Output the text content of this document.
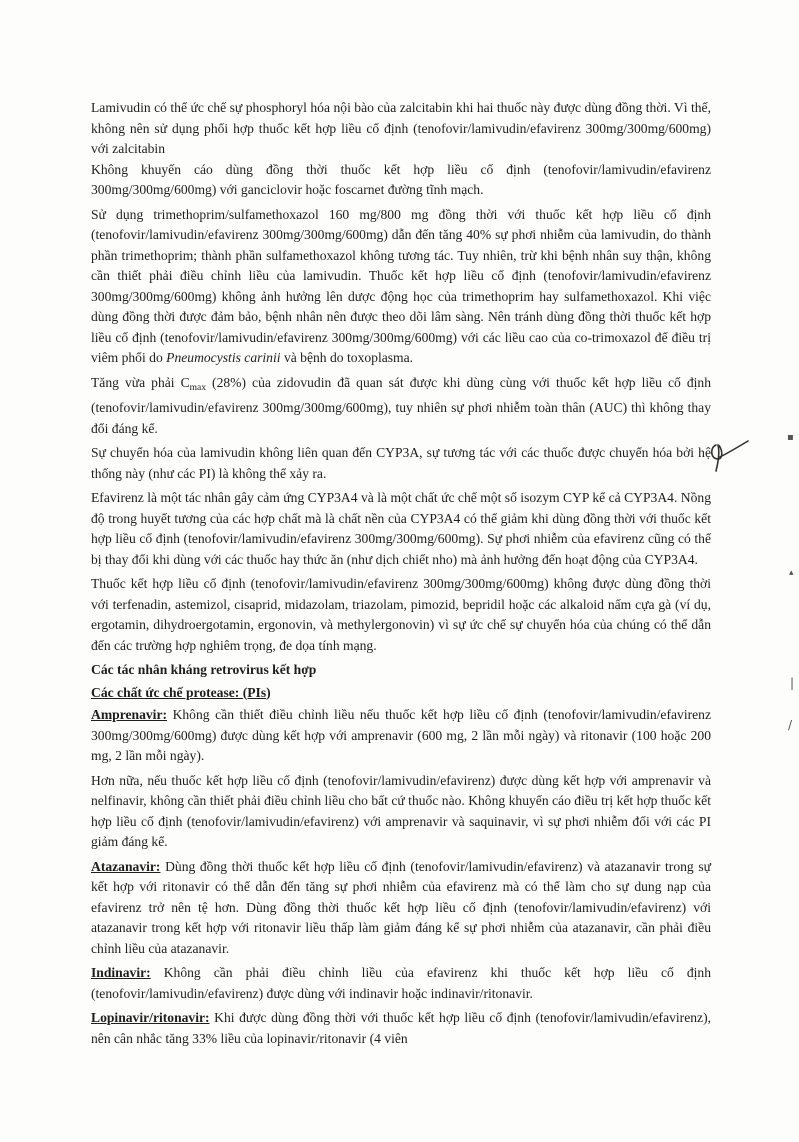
Lamivudin có thể ức chế sự phosphoryl hóa nội bào của zalcitabin khi hai thuốc này được dùng đồng thời. Vì thế, không nên sử dụng phối hợp thuốc kết hợp liều cố định (tenofovir/lamivudin/efavirenz 300mg/300mg/600mg) với zalcitabin

Không khuyến cáo dùng đồng thời thuốc kết hợp liều cố định (tenofovir/lamivudin/efavirenz 300mg/300mg/600mg) với ganciclovir hoặc foscarnet đường tĩnh mạch.

Sử dụng trimethoprim/sulfamethoxazol 160 mg/800 mg đồng thời với thuốc kết hợp liều cố định (tenofovir/lamivudin/efavirenz 300mg/300mg/600mg) dẫn đến tăng 40% sự phơi nhiễm của lamivudin, do thành phần trimethoprim; thành phần sulfamethoxazol không tương tác. Tuy nhiên, trừ khi bệnh nhân suy thận, không cần thiết phải điều chỉnh liều của lamivudin. Thuốc kết hợp liều cố định (tenofovir/lamivudin/efavirenz 300mg/300mg/600mg) không ảnh hưởng lên dược động học của trimethoprim hay sulfamethoxazol. Khi việc dùng đồng thời được đảm bảo, bệnh nhân nên được theo dõi lâm sàng. Nên tránh dùng đồng thời thuốc kết hợp liều cố định (tenofovir/lamivudin/efavirenz 300mg/300mg/600mg) với các liều cao của co-trimoxazol để điều trị viêm phổi do Pneumocystis carinii và bệnh do toxoplasma.

Tăng vừa phải $C_{max}$ (28%) của zidovudin đã quan sát được khi dùng cùng với thuốc kết hợp liều cố định (tenofovir/lamivudin/efavirenz 300mg/300mg/600mg), tuy nhiên sự phơi nhiễm toàn thân (AUC) thì không thay đổi đáng kể.

Sự chuyển hóa của lamivudin không liên quan đến CYP3A, sự tương tác với các thuốc được chuyển hóa bởi hệ thống này (như các PI) là không thể xảy ra.

Efavirenz là một tác nhân gây cảm ứng CYP3A4 và là một chất ức chế một số isozym CYP kể cả CYP3A4. Nồng độ trong huyết tương của các hợp chất mà là chất nền của CYP3A4 có thể giảm khi dùng đồng thời với thuốc kết hợp liều cố định (tenofovir/lamivudin/efavirenz 300mg/300mg/600mg). Sự phơi nhiễm của efavirenz cũng có thể bị thay đổi khi dùng với các thuốc hay thức ăn (như dịch chiết nho) mà ảnh hưởng đến hoạt động của CYP3A4.

Thuốc kết hợp liều cố định (tenofovir/lamivudin/efavirenz 300mg/300mg/600mg) không được dùng đồng thời với terfenadin, astemizol, cisaprid, midazolam, triazolam, pimozid, bepridil hoặc các alkaloid nấm cựa gà (ví dụ, ergotamin, dihydroergotamin, ergonovin, và methylergonovin) vì sự ức chế sự chuyển hóa của chúng có thể dẫn đến các trường hợp nghiêm trọng, đe dọa tính mạng.

Các tác nhân kháng retrovirus kết hợp

Các chất ức chế protease: (PIs)

Amprenavir: Không cần thiết điều chỉnh liều nếu thuốc kết hợp liều cố định (tenofovir/lamivudin/efavirenz 300mg/300mg/600mg) được dùng kết hợp với amprenavir (600 mg, 2 lần mỗi ngày) và ritonavir (100 hoặc 200 mg, 2 lần mỗi ngày).

Hơn nữa, nếu thuốc kết hợp liều cố định (tenofovir/lamivudin/efavirenz) được dùng kết hợp với amprenavir và nelfinavir, không cần thiết phải điều chỉnh liều cho bất cứ thuốc nào. Không khuyến cáo điều trị kết hợp thuốc kết hợp liều cố định (tenofovir/lamivudin/efavirenz) với amprenavir và saquinavir, vì sự phơi nhiễm đối với các PI giảm đáng kể.

Atazanavir: Dùng đồng thời thuốc kết hợp liều cố định (tenofovir/lamivudin/efavirenz) và atazanavir trong sự kết hợp với ritonavir có thể dẫn đến tăng sự phơi nhiễm của efavirenz mà có thể làm cho sự dung nạp của efavirenz trở nên tệ hơn. Dùng đồng thời thuốc kết hợp liều cố định (tenofovir/lamivudin/efavirenz) với atazanavir trong kết hợp với ritonavir liều thấp làm giảm đáng kể sự phơi nhiễm của atazanavir, cần phải điều chỉnh liều của atazanavir.

Indinavir: Không cần phải điều chỉnh liều của efavirenz khi thuốc kết hợp liều cố định (tenofovir/lamivudin/efavirenz) được dùng với indinavir hoặc indinavir/ritonavir.

Lopinavir/ritonavir: Khi được dùng đồng thời với thuốc kết hợp liều cố định (tenofovir/lamivudin/efavirenz), nên cân nhắc tăng 33% liều của lopinavir/ritonavir (4 viên

▪
▴
|
/
